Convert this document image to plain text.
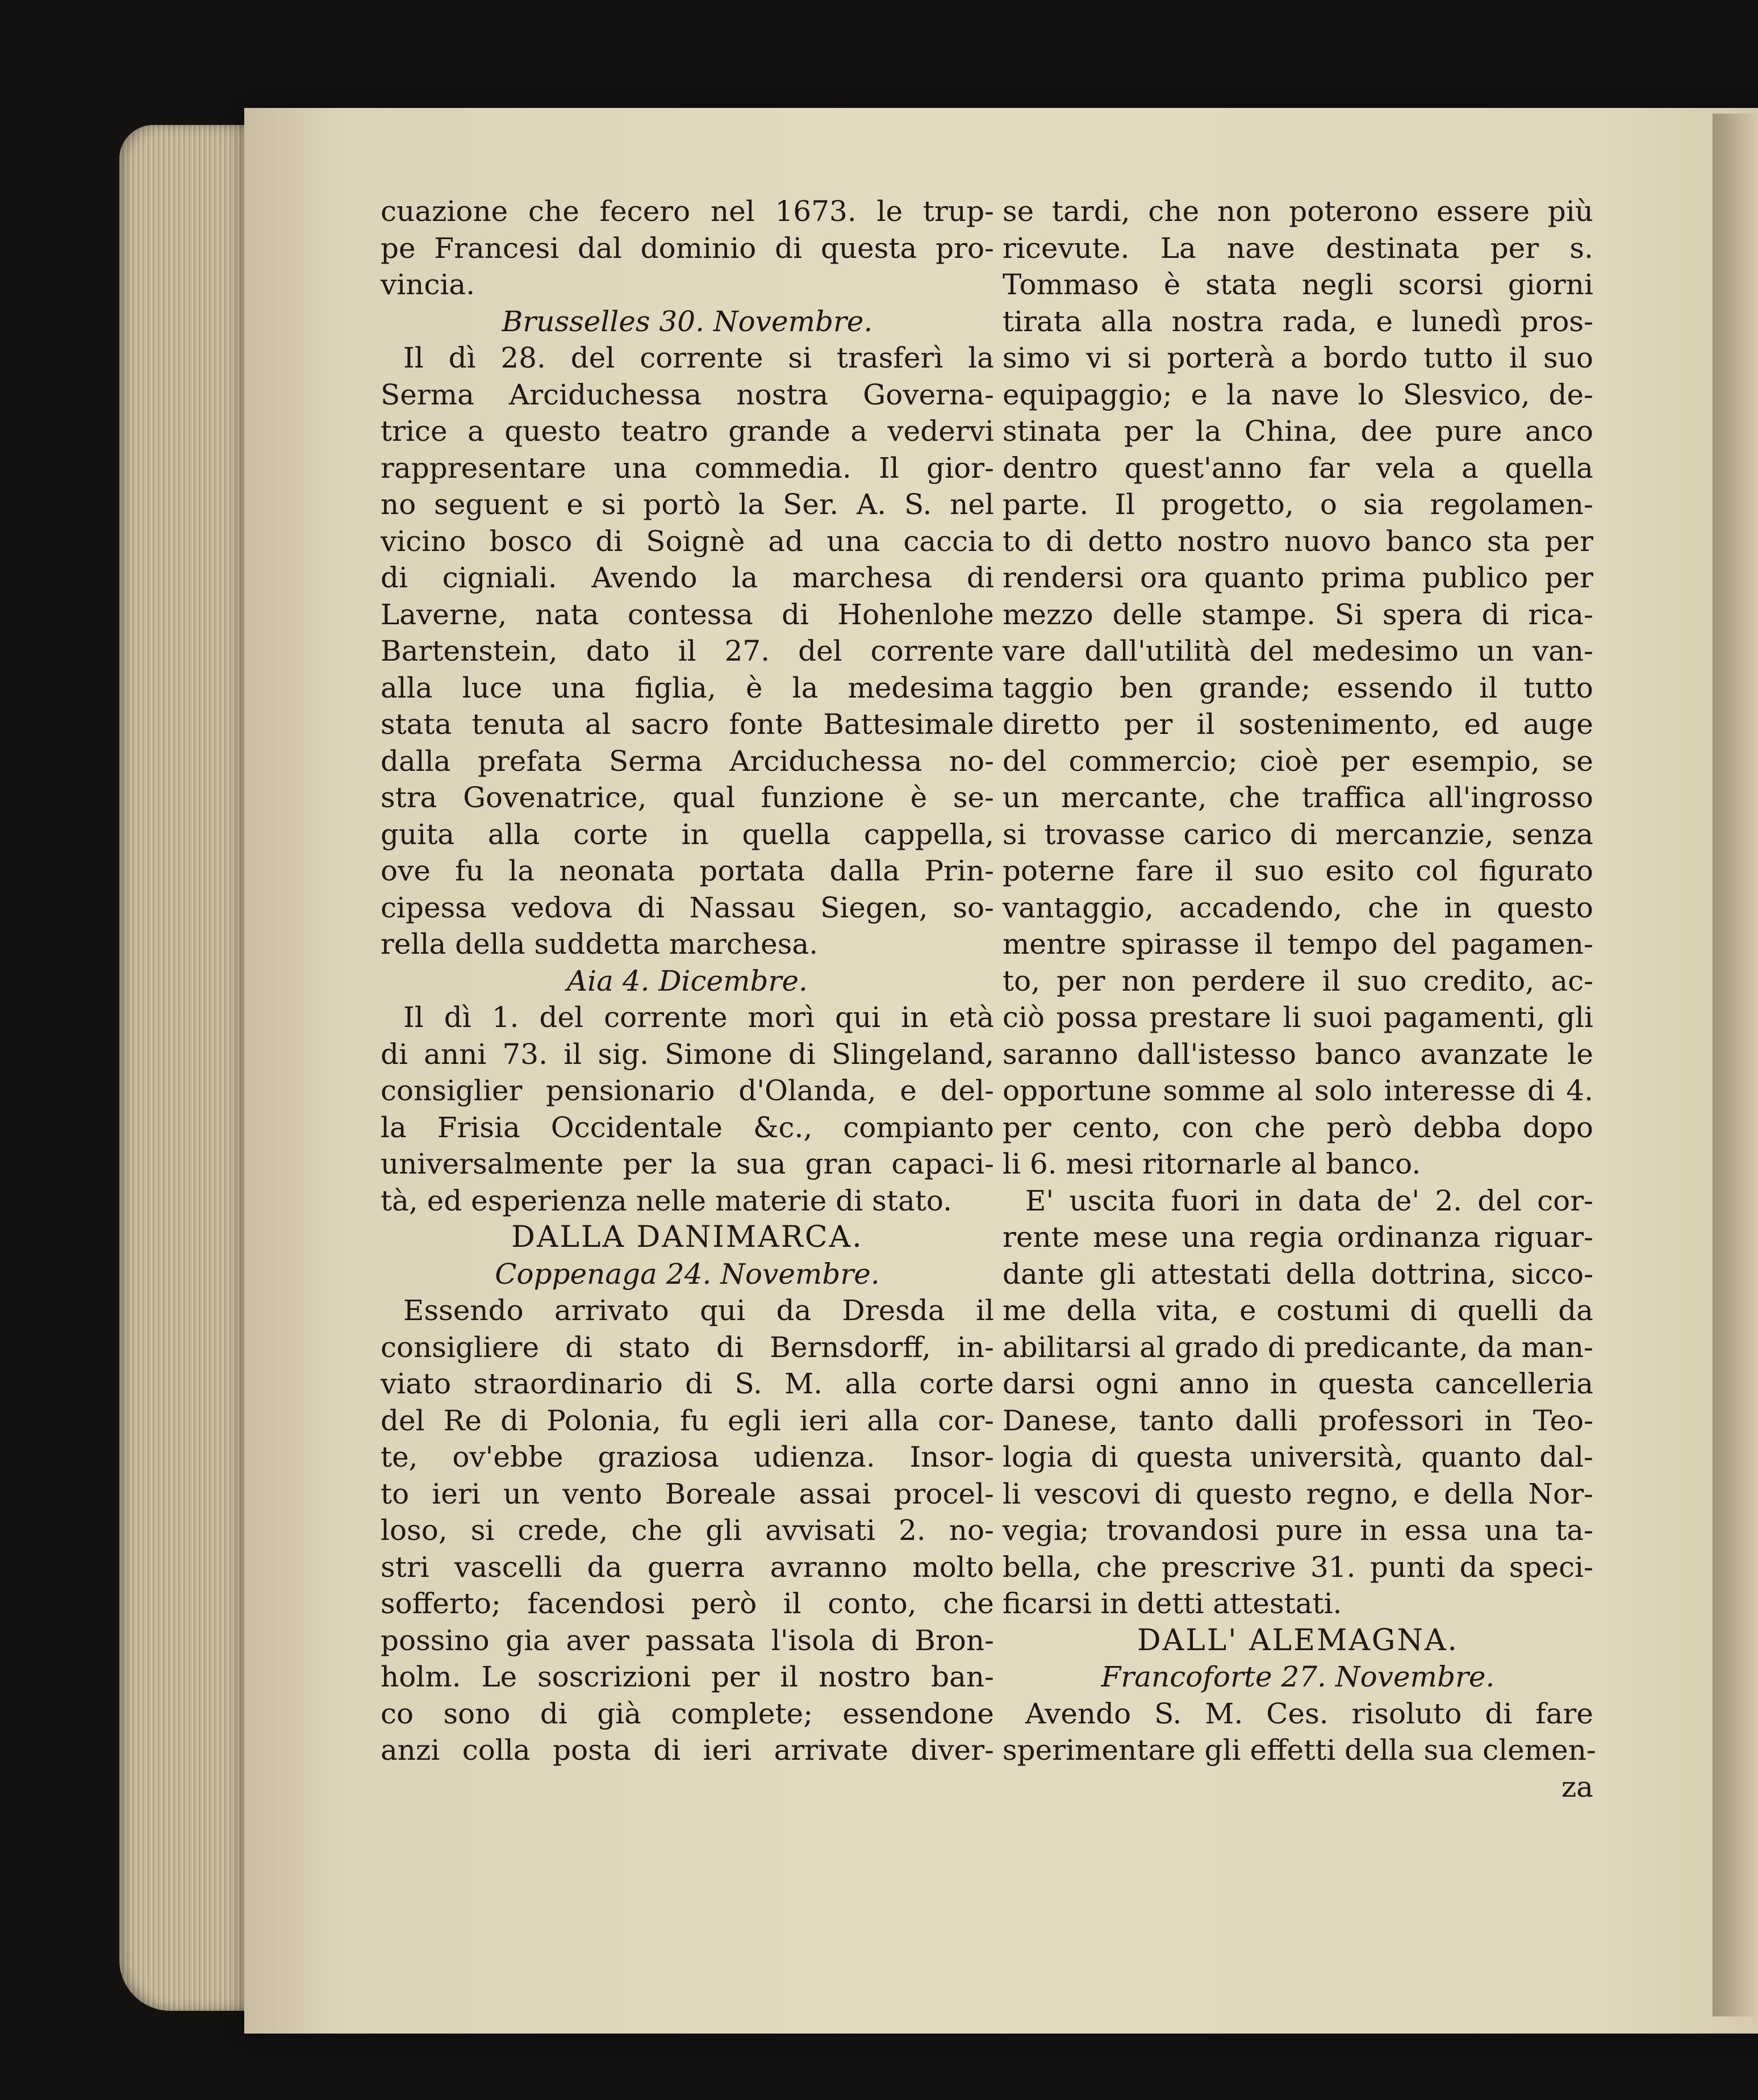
cuazione che fecero nel 1673. le trup-
pe Francesi dal dominio di questa pro-
vincia.
Brusselles 30. Novembre.
Il dì 28. del corrente si trasferì la
Serma Arciduchessa nostra Governa-
trice a questo teatro grande a vedervi
rappresentare una commedia. Il gior-
no seguent e si portò la Ser. A. S. nel
vicino bosco di Soignè ad una caccia
di cigniali. Avendo la marchesa di
Laverne, nata contessa di Hohenlohe
Bartenstein, dato il 27. del corrente
alla luce una figlia, è la medesima
stata tenuta al sacro fonte Battesimale
dalla prefata Serma Arciduchessa no-
stra Govenatrice, qual funzione è se-
guita alla corte in quella cappella,
ove fu la neonata portata dalla Prin-
cipessa vedova di Nassau Siegen, so-
rella della suddetta marchesa.
Aia 4. Dicembre.
Il dì 1. del corrente morì qui in età
di anni 73. il sig. Simone di Slingeland,
consiglier pensionario d'Olanda, e del-
la Frisia Occidentale &c., compianto
universalmente per la sua gran capaci-
tà, ed esperienza nelle materie di stato.
DALLA DANIMARCA.
Coppenaga 24. Novembre.
Essendo arrivato qui da Dresda il
consigliere di stato di Bernsdorff, in-
viato straordinario di S. M. alla corte
del Re di Polonia, fu egli ieri alla cor-
te, ov'ebbe graziosa udienza. Insor-
to ieri un vento Boreale assai procel-
loso, si crede, che gli avvisati 2. no-
stri vascelli da guerra avranno molto
sofferto; facendosi però il conto, che
possino gia aver passata l'isola di Bron-
holm. Le soscrizioni per il nostro ban-
co sono di già complete; essendone
anzi colla posta di ieri arrivate diver-
se tardi, che non poterono essere più
ricevute. La nave destinata per s.
Tommaso è stata negli scorsi giorni
tirata alla nostra rada, e lunedì pros-
simo vi si porterà a bordo tutto il suo
equipaggio; e la nave lo Slesvico, de-
stinata per la China, dee pure anco
dentro quest'anno far vela a quella
parte. Il progetto, o sia regolamen-
to di detto nostro nuovo banco sta per
rendersi ora quanto prima publico per
mezzo delle stampe. Si spera di rica-
vare dall'utilità del medesimo un van-
taggio ben grande; essendo il tutto
diretto per il sostenimento, ed auge
del commercio; cioè per esempio, se
un mercante, che traffica all'ingrosso
si trovasse carico di mercanzie, senza
poterne fare il suo esito col figurato
vantaggio, accadendo, che in questo
mentre spirasse il tempo del pagamen-
to, per non perdere il suo credito, ac-
ciò possa prestare li suoi pagamenti, gli
saranno dall'istesso banco avanzate le
opportune somme al solo interesse di 4.
per cento, con che però debba dopo
li 6. mesi ritornarle al banco.
E' uscita fuori in data de' 2. del cor-
rente mese una regia ordinanza riguar-
dante gli attestati della dottrina, sicco-
me della vita, e costumi di quelli da
abilitarsi al grado di predicante, da man-
darsi ogni anno in questa cancelleria
Danese, tanto dalli professori in Teo-
logia di questa università, quanto dal-
li vescovi di questo regno, e della Nor-
vegia; trovandosi pure in essa una ta-
bella, che prescrive 31. punti da speci-
ficarsi in detti attestati.
DALL' ALEMAGNA.
Francoforte 27. Novembre.
Avendo S. M. Ces. risoluto di fare
sperimentare gli effetti della sua clemen-
za
